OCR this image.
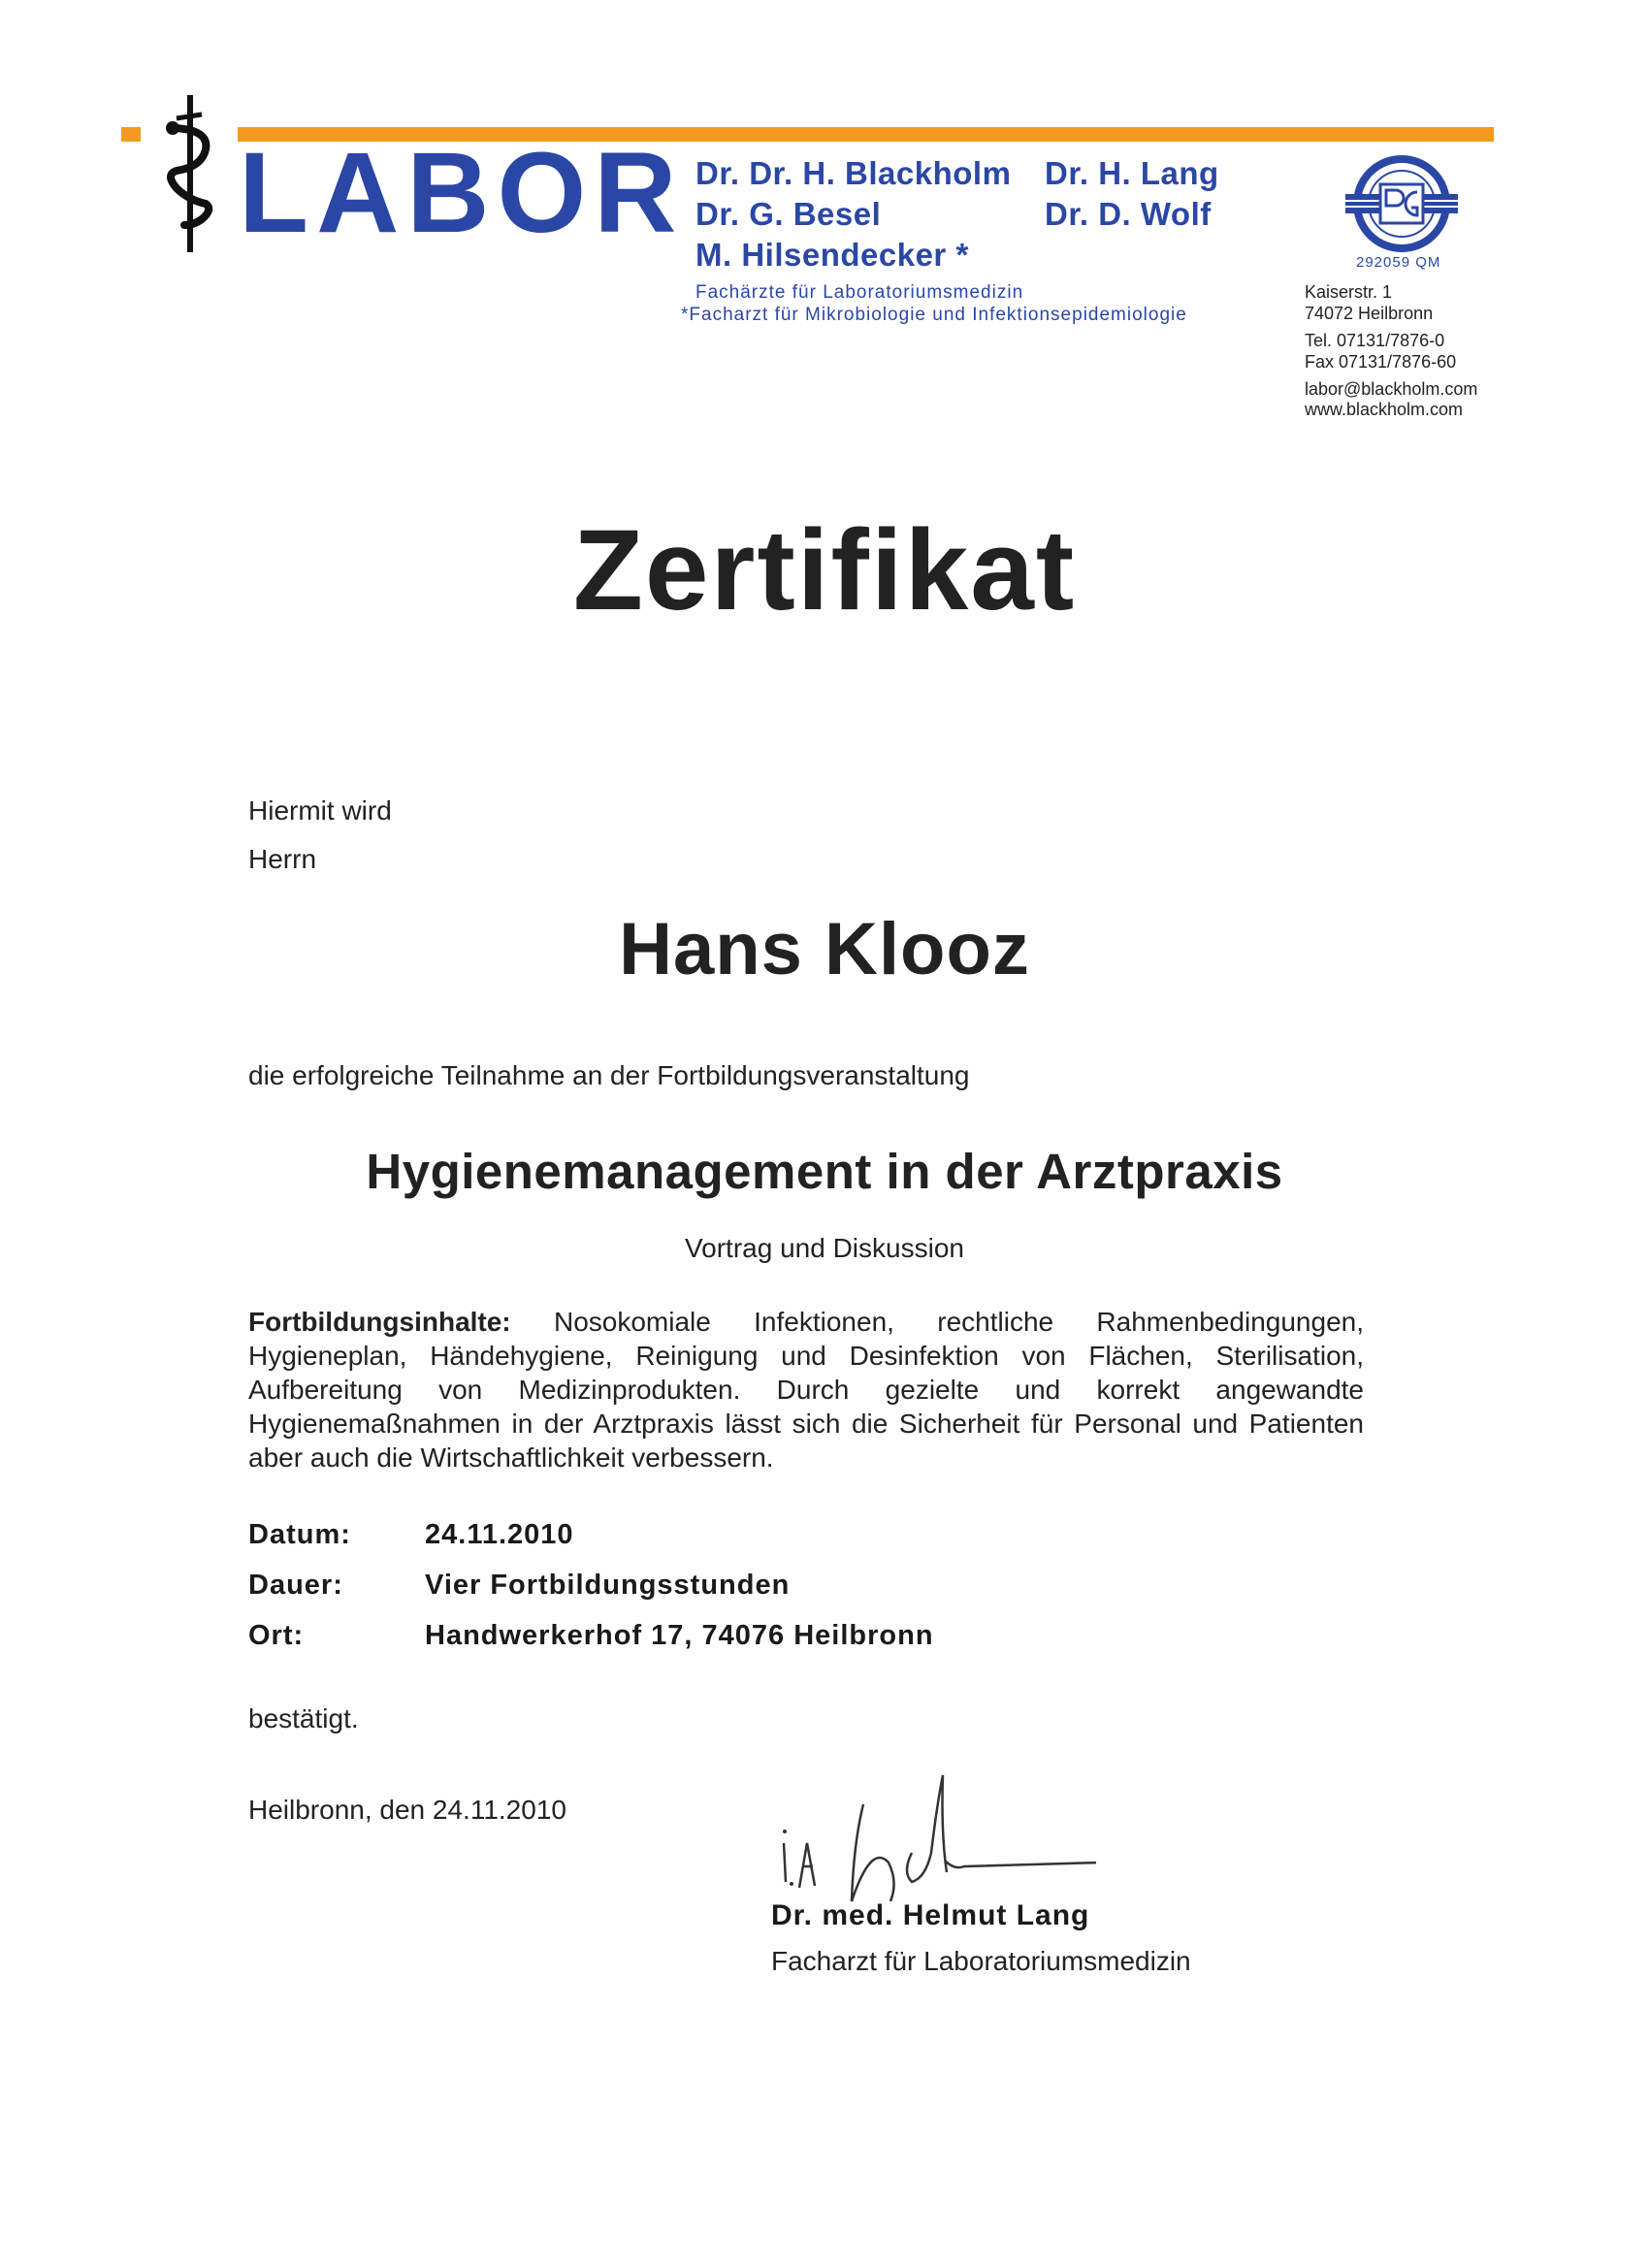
LABOR Dr. Dr. H. Blackholm
Dr. G. Besel
M. Hilsendecker *
Dr. H. Lang
Dr. D. Wolf
Fachärzte für Laboratoriumsmedizin
*Facharzt für Mikrobiologie und Infektionsepidemiologie
292059 QM
Kaiserstr. 1
74072 Heilbronn
Tel. 07131/7876-0
Fax 07131/7876-60
labor@blackholm.com
www.blackholm.com
Zertifikat
Hiermit wird
Herrn
Hans Klooz
die erfolgreiche Teilnahme an der Fortbildungsveranstaltung
Hygienemanagement in der Arztpraxis
Vortrag und Diskussion
Fortbildungsinhalte: Nosokomiale Infektionen, rechtliche Rahmenbedingungen, Hygieneplan, Händehygiene, Reinigung und Desinfektion von Flächen, Sterilisation, Aufbereitung von Medizinprodukten. Durch gezielte und korrekt angewandte Hygienemaßnahmen in der Arztpraxis lässt sich die Sicherheit für Personal und Patienten aber auch die Wirtschaftlichkeit verbessern.
Datum:	24.11.2010
Dauer:	Vier Fortbildungsstunden
Ort:	Handwerkerhof 17, 74076 Heilbronn
bestätigt.
Heilbronn, den 24.11.2010
Dr. med. Helmut Lang
Facharzt für Laboratoriumsmedizin
